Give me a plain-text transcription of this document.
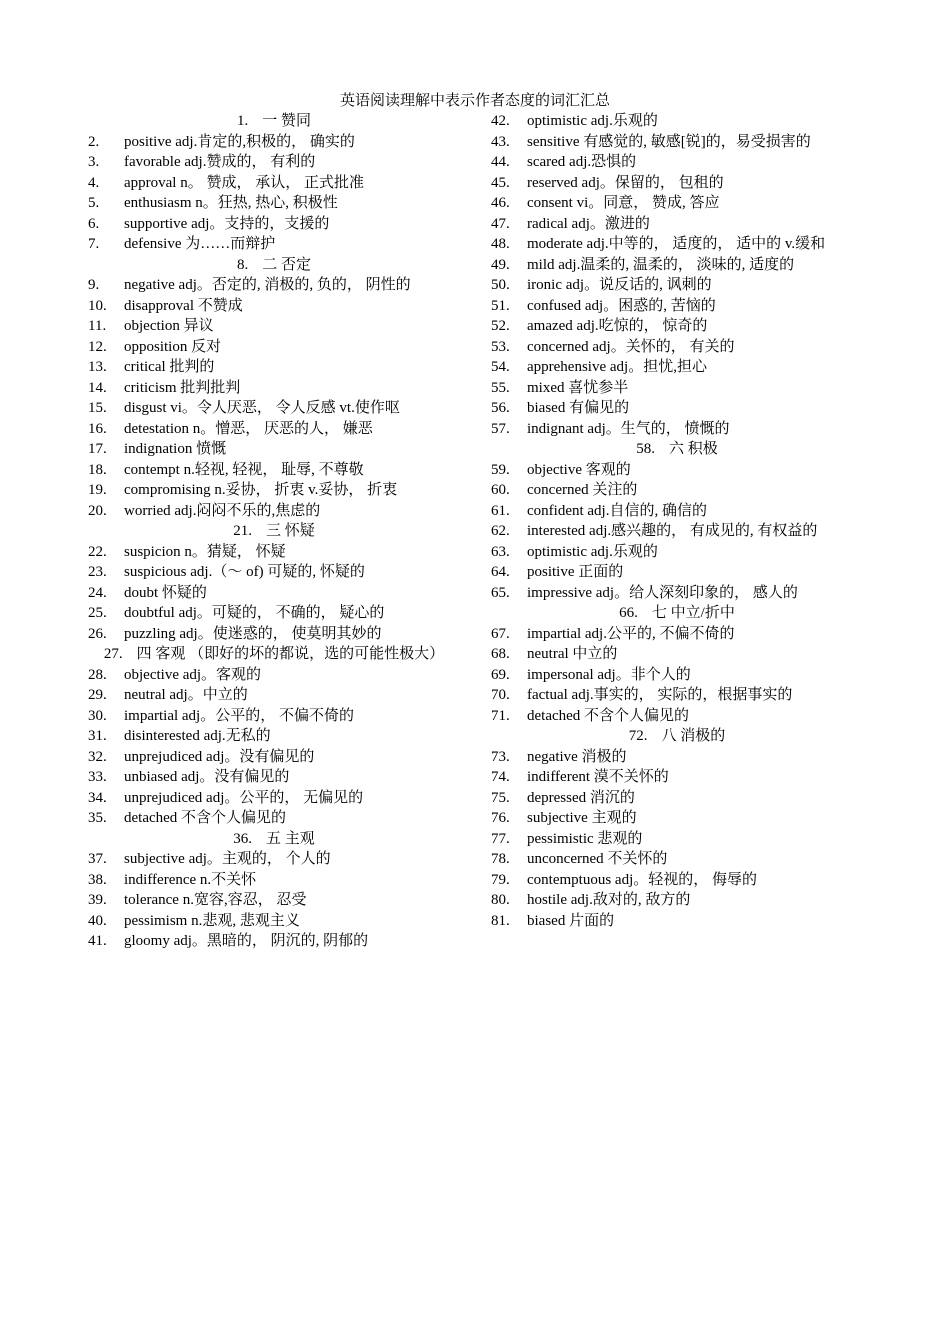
英语阅读理解中表示作者态度的词汇汇总
1. 一 赞同
2.	positive adj.肯定的,积极的， 确实的
3.	favorable adj.赞成的， 有利的
4.	approval n。 赞成， 承认， 正式批准
5.	enthusiasm n。狂热, 热心, 积极性
6.	supportive adj。支持的，支援的
7.	defensive 为……而辩护
8. 二 否定
9.	negative adj。否定的, 消极的, 负的， 阴性的
10.	disapproval 不赞成
11.	objection 异议
12.	opposition 反对
13.	critical 批判的
14.	criticism 批判批判
15.	disgust vi。令人厌恶， 令人反感 vt.使作呕
16.	detestation n。憎恶， 厌恶的人， 嫌恶
17.	indignation 愤慨
18.	contempt n.轻视, 轻视， 耻辱, 不尊敬
19.	compromising n.妥协， 折衷 v.妥协， 折衷
20.	worried adj.闷闷不乐的,焦虑的
21. 三 怀疑
22.	suspicion n。猜疑， 怀疑
23.	suspicious adj.（～ of) 可疑的, 怀疑的
24.	doubt 怀疑的
25.	doubtful adj。可疑的， 不确的， 疑心的
26.	puzzling adj。使迷惑的， 使莫明其妙的
27. 四 客观 （即好的坏的都说，选的可能性极大）
28.	objective adj。客观的
29.	neutral adj。中立的
30.	impartial adj。公平的， 不偏不倚的
31.	disinterested adj.无私的
32.	unprejudiced adj。没有偏见的
33.	unbiased adj。没有偏见的
34.	unprejudiced adj。公平的， 无偏见的
35.	detached 不含个人偏见的
36. 五 主观
37.	subjective adj。主观的， 个人的
38.	indifference n.不关怀
39.	tolerance n.宽容,容忍， 忍受
40.	pessimism n.悲观, 悲观主义
41.	gloomy adj。黑暗的， 阴沉的, 阴郁的
42.	optimistic adj.乐观的
43.	sensitive 有感觉的, 敏感[锐]的，易受损害的
44.	scared adj.恐惧的
45.	reserved adj。保留的， 包租的
46.	consent vi。同意， 赞成, 答应
47.	radical adj。激进的
48.	moderate adj.中等的， 适度的， 适中的 v.缓和
49.	mild adj.温柔的, 温柔的， 淡味的, 适度的
50.	ironic adj。说反话的, 讽刺的
51.	confused adj。困惑的, 苦恼的
52.	amazed adj.吃惊的， 惊奇的
53.	concerned adj。关怀的， 有关的
54.	apprehensive adj。担忧,担心
55.	mixed 喜忧参半
56.	biased 有偏见的
57.	indignant adj。生气的， 愤慨的
58. 六 积极
59.	objective 客观的
60.	concerned 关注的
61.	confident adj.自信的, 确信的
62.	interested adj.感兴趣的， 有成见的, 有权益的
63.	optimistic adj.乐观的
64.	positive 正面的
65.	impressive adj。给人深刻印象的， 感人的
66. 七 中立/折中
67.	impartial adj.公平的, 不偏不倚的
68.	neutral 中立的
69.	impersonal adj。非个人的
70.	factual adj.事实的， 实际的，根据事实的
71.	detached 不含个人偏见的
72. 八 消极的
73.	negative 消极的
74.	indifferent 漠不关怀的
75.	depressed 消沉的
76.	subjective 主观的
77.	pessimistic 悲观的
78.	unconcerned 不关怀的
79.	contemptuous adj。轻视的， 侮辱的
80.	hostile adj.敌对的, 敌方的
81.	biased 片面的
